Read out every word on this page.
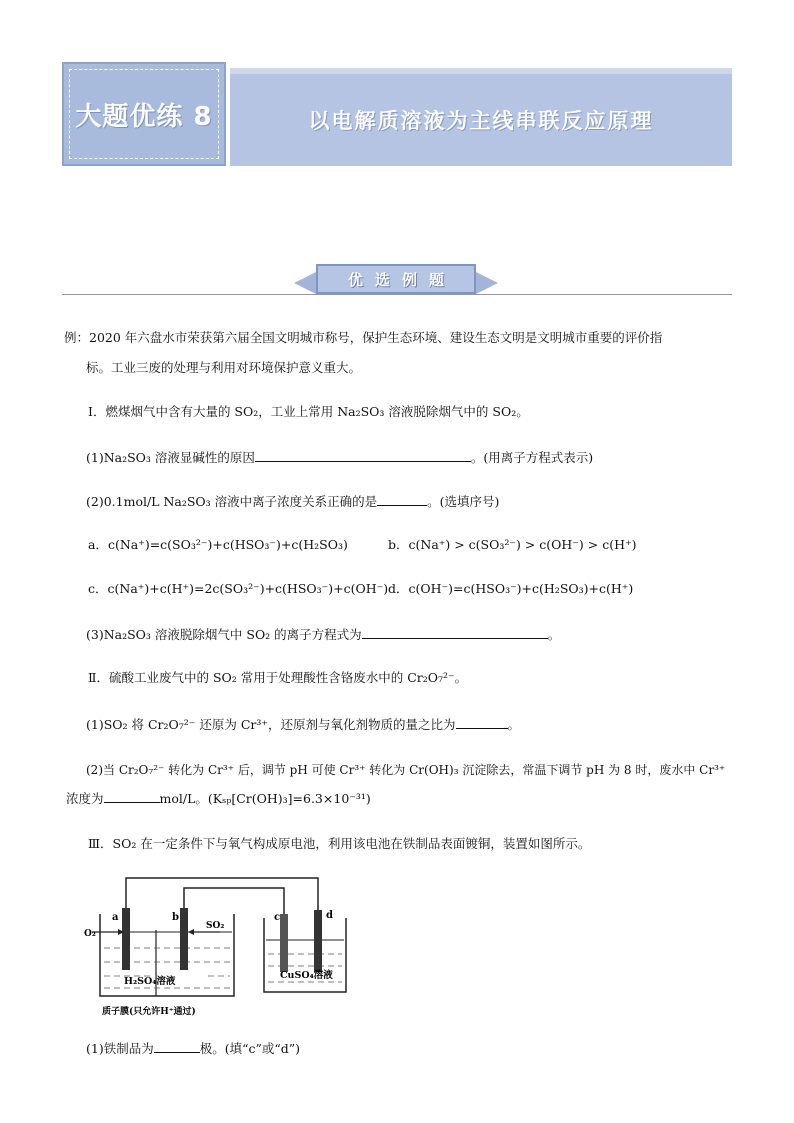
大题优练 8	以电解质溶液为主线串联反应原理
优选例题
例：2020 年六盘水市荣获第六届全国文明城市称号，保护生态环境、建设生态文明是文明城市重要的评价指
标。工业三废的处理与利用对环境保护意义重大。
Ⅰ．燃煤烟气中含有大量的 SO₂，工业上常用 Na₂SO₃ 溶液脱除烟气中的 SO₂。
(1)Na₂SO₃ 溶液显碱性的原因	。(用离子方程式表示)
(2)0.1mol/L Na₂SO₃ 溶液中离子浓度关系正确的是	。(选填序号)
a．c(Na⁺)=c(SO₃²⁻)+c(HSO₃⁻)+c(H₂SO₃)	b．c(Na⁺) > c(SO₃²⁻) > c(OH⁻) > c(H⁺)
c．c(Na⁺)+c(H⁺)=2c(SO₃²⁻)+c(HSO₃⁻)+c(OH⁻) d．c(OH⁻)=c(HSO₃⁻)+c(H₂SO₃)+c(H⁺)
(3)Na₂SO₃ 溶液脱除烟气中 SO₂ 的离子方程式为	。
Ⅱ．硫酸工业废气中的 SO₂ 常用于处理酸性含铬废水中的 Cr₂O₇²⁻。
(1)SO₂ 将 Cr₂O₇²⁻ 还原为 Cr³⁺，还原剂与氧化剂物质的量之比为	。
(2)当 Cr₂O₇²⁻ 转化为 Cr³⁺ 后，调节 pH 可使 Cr³⁺ 转化为 Cr(OH)₃ 沉淀除去，常温下调节 pH 为 8 时，废水中 Cr³⁺
浓度为	mol/L。(Kₛₚ[Cr(OH)₃]=6.3×10⁻³¹)
Ⅲ．SO₂ 在一定条件下与氧气构成原电池，利用该电池在铁制品表面镀铜，装置如图所示。
a	b	c	d
O₂
SO₂
H₂SO₄溶液
CuSO₄溶液
质子膜(只允许H⁺通过)
(1)铁制品为	极。(填“c”或“d”)
